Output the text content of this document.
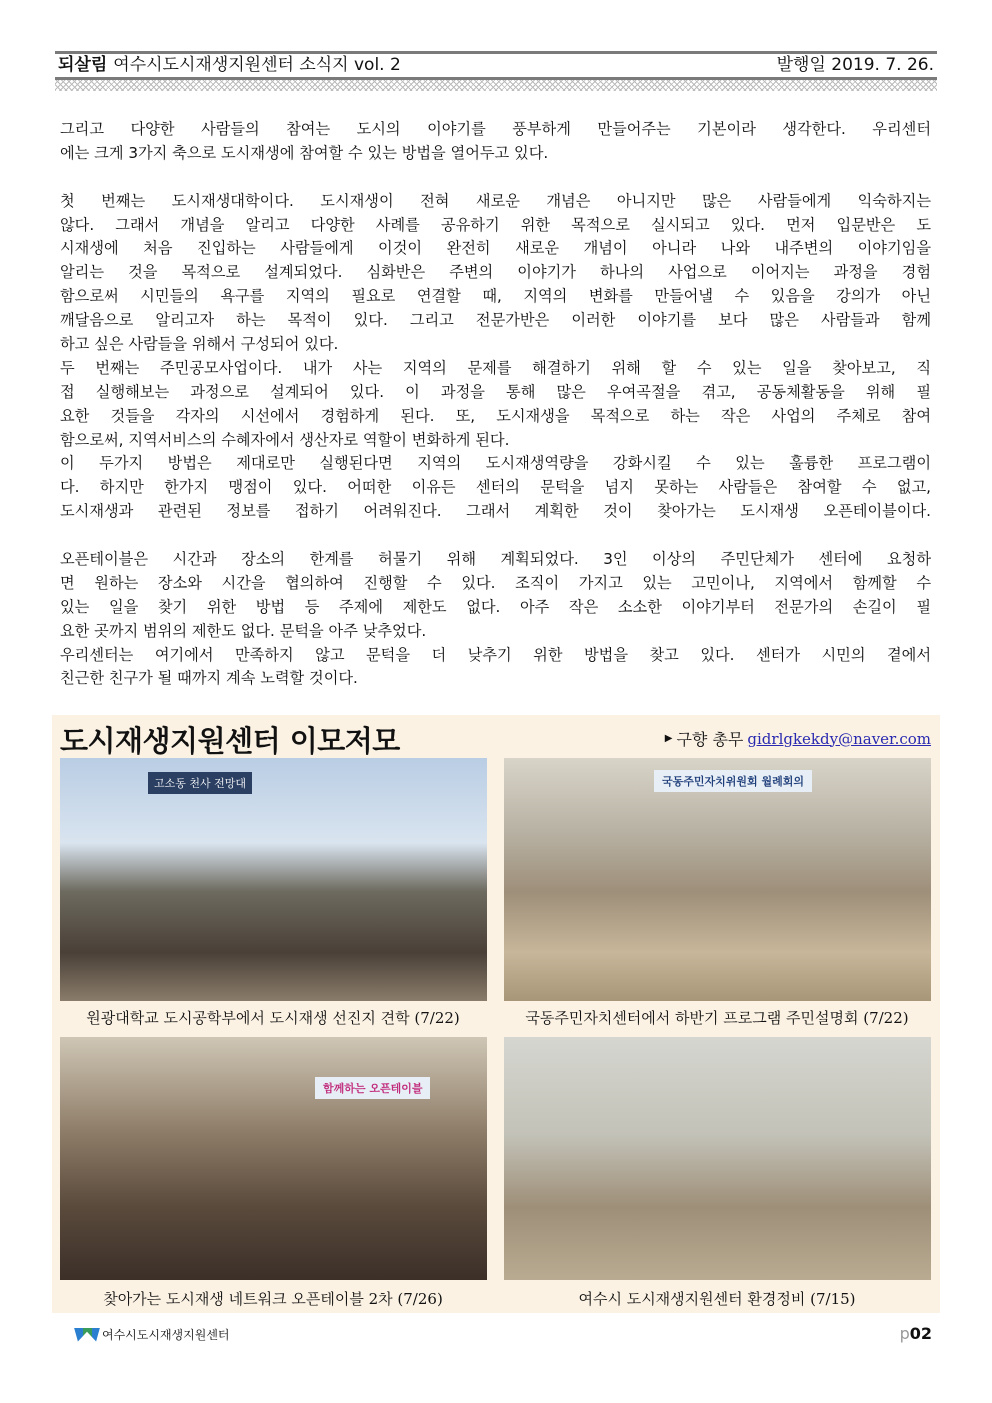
되살림 여수시도시재생지원센터 소식지 vol. 2	발행일 2019. 7. 26.
그리고 다양한 사람들의 참여는 도시의 이야기를 풍부하게 만들어주는 기본이라 생각한다. 우리센터
에는 크게 3가지 축으로 도시재생에 참여할 수 있는 방법을 열어두고 있다.
첫 번째는 도시재생대학이다. 도시재생이 전혀 새로운 개념은 아니지만 많은 사람들에게 익숙하지는
않다. 그래서 개념을 알리고 다양한 사례를 공유하기 위한 목적으로 실시되고 있다. 먼저 입문반은 도
시재생에 처음 진입하는 사람들에게 이것이 완전히 새로운 개념이 아니라 나와 내주변의 이야기임을
알리는 것을 목적으로 설계되었다. 심화반은 주변의 이야기가 하나의 사업으로 이어지는 과정을 경험
함으로써 시민들의 욕구를 지역의 필요로 연결할 때, 지역의 변화를 만들어낼 수 있음을 강의가 아닌
깨달음으로 알리고자 하는 목적이 있다. 그리고 전문가반은 이러한 이야기를 보다 많은 사람들과 함께
하고 싶은 사람들을 위해서 구성되어 있다.
두 번째는 주민공모사업이다. 내가 사는 지역의 문제를 해결하기 위해 할 수 있는 일을 찾아보고, 직
접 실행해보는 과정으로 설계되어 있다. 이 과정을 통해 많은 우여곡절을 겪고, 공동체활동을 위해 필
요한 것들을 각자의 시선에서 경험하게 된다. 또, 도시재생을 목적으로 하는 작은 사업의 주체로 참여
함으로써, 지역서비스의 수혜자에서 생산자로 역할이 변화하게 된다.
이 두가지 방법은 제대로만 실행된다면 지역의 도시재생역량을 강화시킬 수 있는 훌륭한 프로그램이
다. 하지만 한가지 맹점이 있다. 어떠한 이유든 센터의 문턱을 넘지 못하는 사람들은 참여할 수 없고,
도시재생과 관련된 정보를 접하기 어려워진다. 그래서 계획한 것이 찾아가는 도시재생 오픈테이블이다.
오픈테이블은 시간과 장소의 한계를 허물기 위해 계획되었다. 3인 이상의 주민단체가 센터에 요청하
면 원하는 장소와 시간을 협의하여 진행할 수 있다. 조직이 가지고 있는 고민이나, 지역에서 함께할 수
있는 일을 찾기 위한 방법 등 주제에 제한도 없다. 아주 작은 소소한 이야기부터 전문가의 손길이 필
요한 곳까지 범위의 제한도 없다. 문턱을 아주 낮추었다.
우리센터는 여기에서 만족하지 않고 문턱을 더 낮추기 위한 방법을 찾고 있다. 센터가 시민의 곁에서
친근한 친구가 될 때까지 계속 노력할 것이다.
도시재생지원센터 이모저모	▶ 구향 총무 gidrlgkekdy@naver.com
고소동 천사 전망대
원광대학교 도시공학부에서 도시재생 선진지 견학 (7/22)
국동주민자치위원회 월례회의
국동주민자치센터에서 하반기 프로그램 주민설명회 (7/22)
함께하는 오픈테이블
찾아가는 도시재생 네트워크 오픈테이블 2차 (7/26)	여수시 도시재생지원센터 환경정비 (7/15)
여수시도시재생지원센터	p02
